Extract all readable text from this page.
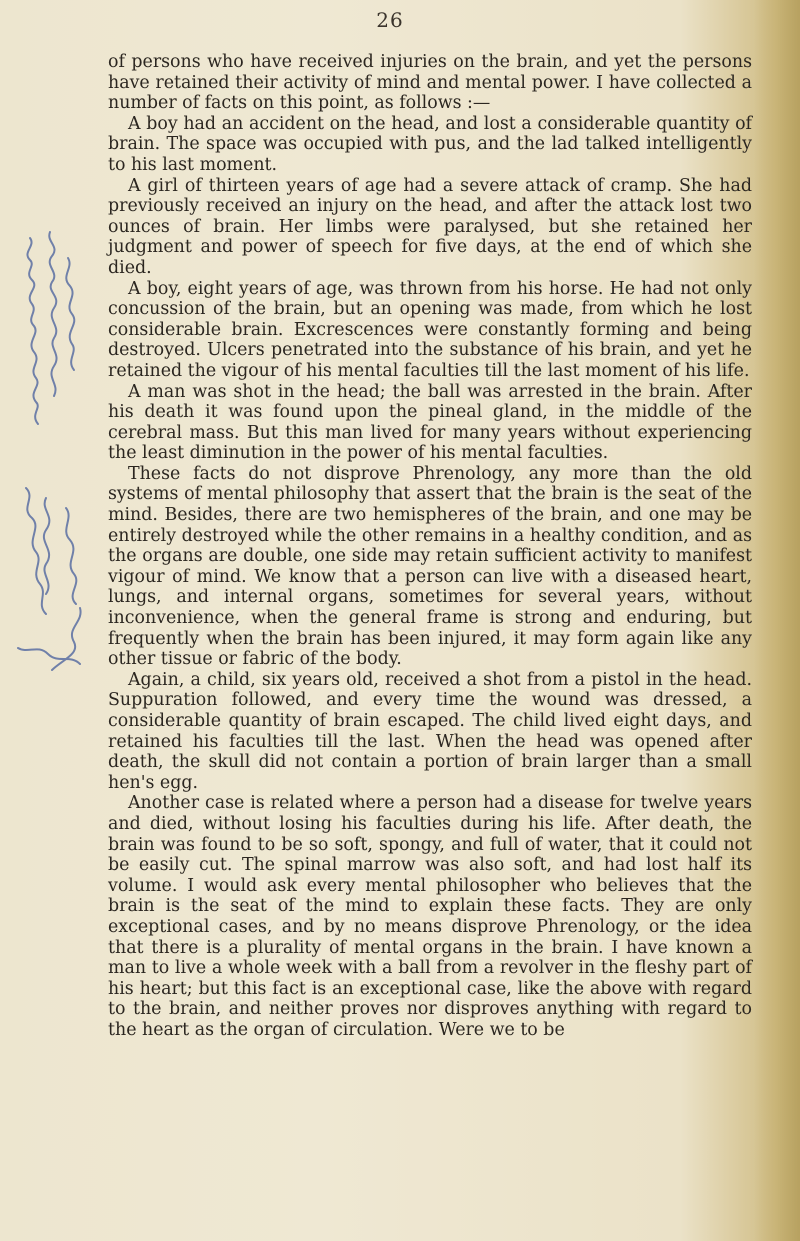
26

of persons who have received injuries on the brain, and yet the persons have retained their activity of mind and mental power. I have collected a number of facts on this point, as follows :—

A boy had an accident on the head, and lost a considerable quantity of brain. The space was occupied with pus, and the lad talked intelligently to his last moment.

A girl of thirteen years of age had a severe attack of cramp. She had previously received an injury on the head, and after the attack lost two ounces of brain. Her limbs were paralysed, but she retained her judgment and power of speech for five days, at the end of which she died.

A boy, eight years of age, was thrown from his horse. He had not only concussion of the brain, but an opening was made, from which he lost considerable brain. Excrescences were constantly forming and being destroyed. Ulcers penetrated into the substance of his brain, and yet he retained the vigour of his mental faculties till the last moment of his life.

A man was shot in the head; the ball was arrested in the brain. After his death it was found upon the pineal gland, in the middle of the cerebral mass. But this man lived for many years without experiencing the least diminution in the power of his mental faculties.

These facts do not disprove Phrenology, any more than the old systems of mental philosophy that assert that the brain is the seat of the mind. Besides, there are two hemispheres of the brain, and one may be entirely destroyed while the other remains in a healthy condition, and as the organs are double, one side may retain sufficient activity to manifest vigour of mind. We know that a person can live with a diseased heart, lungs, and internal organs, sometimes for several years, without inconvenience, when the general frame is strong and enduring, but frequently when the brain has been injured, it may form again like any other tissue or fabric of the body.

Again, a child, six years old, received a shot from a pistol in the head. Suppuration followed, and every time the wound was dressed, a considerable quantity of brain escaped. The child lived eight days, and retained his faculties till the last. When the head was opened after death, the skull did not contain a portion of brain larger than a small hen's egg.

Another case is related where a person had a disease for twelve years and died, without losing his faculties during his life. After death, the brain was found to be so soft, spongy, and full of water, that it could not be easily cut. The spinal marrow was also soft, and had lost half its volume. I would ask every mental philosopher who believes that the brain is the seat of the mind to explain these facts. They are only exceptional cases, and by no means disprove Phrenology, or the idea that there is a plurality of mental organs in the brain. I have known a man to live a whole week with a ball from a revolver in the fleshy part of his heart; but this fact is an exceptional case, like the above with regard to the brain, and neither proves nor disproves anything with regard to the heart as the organ of circulation. Were we to be
